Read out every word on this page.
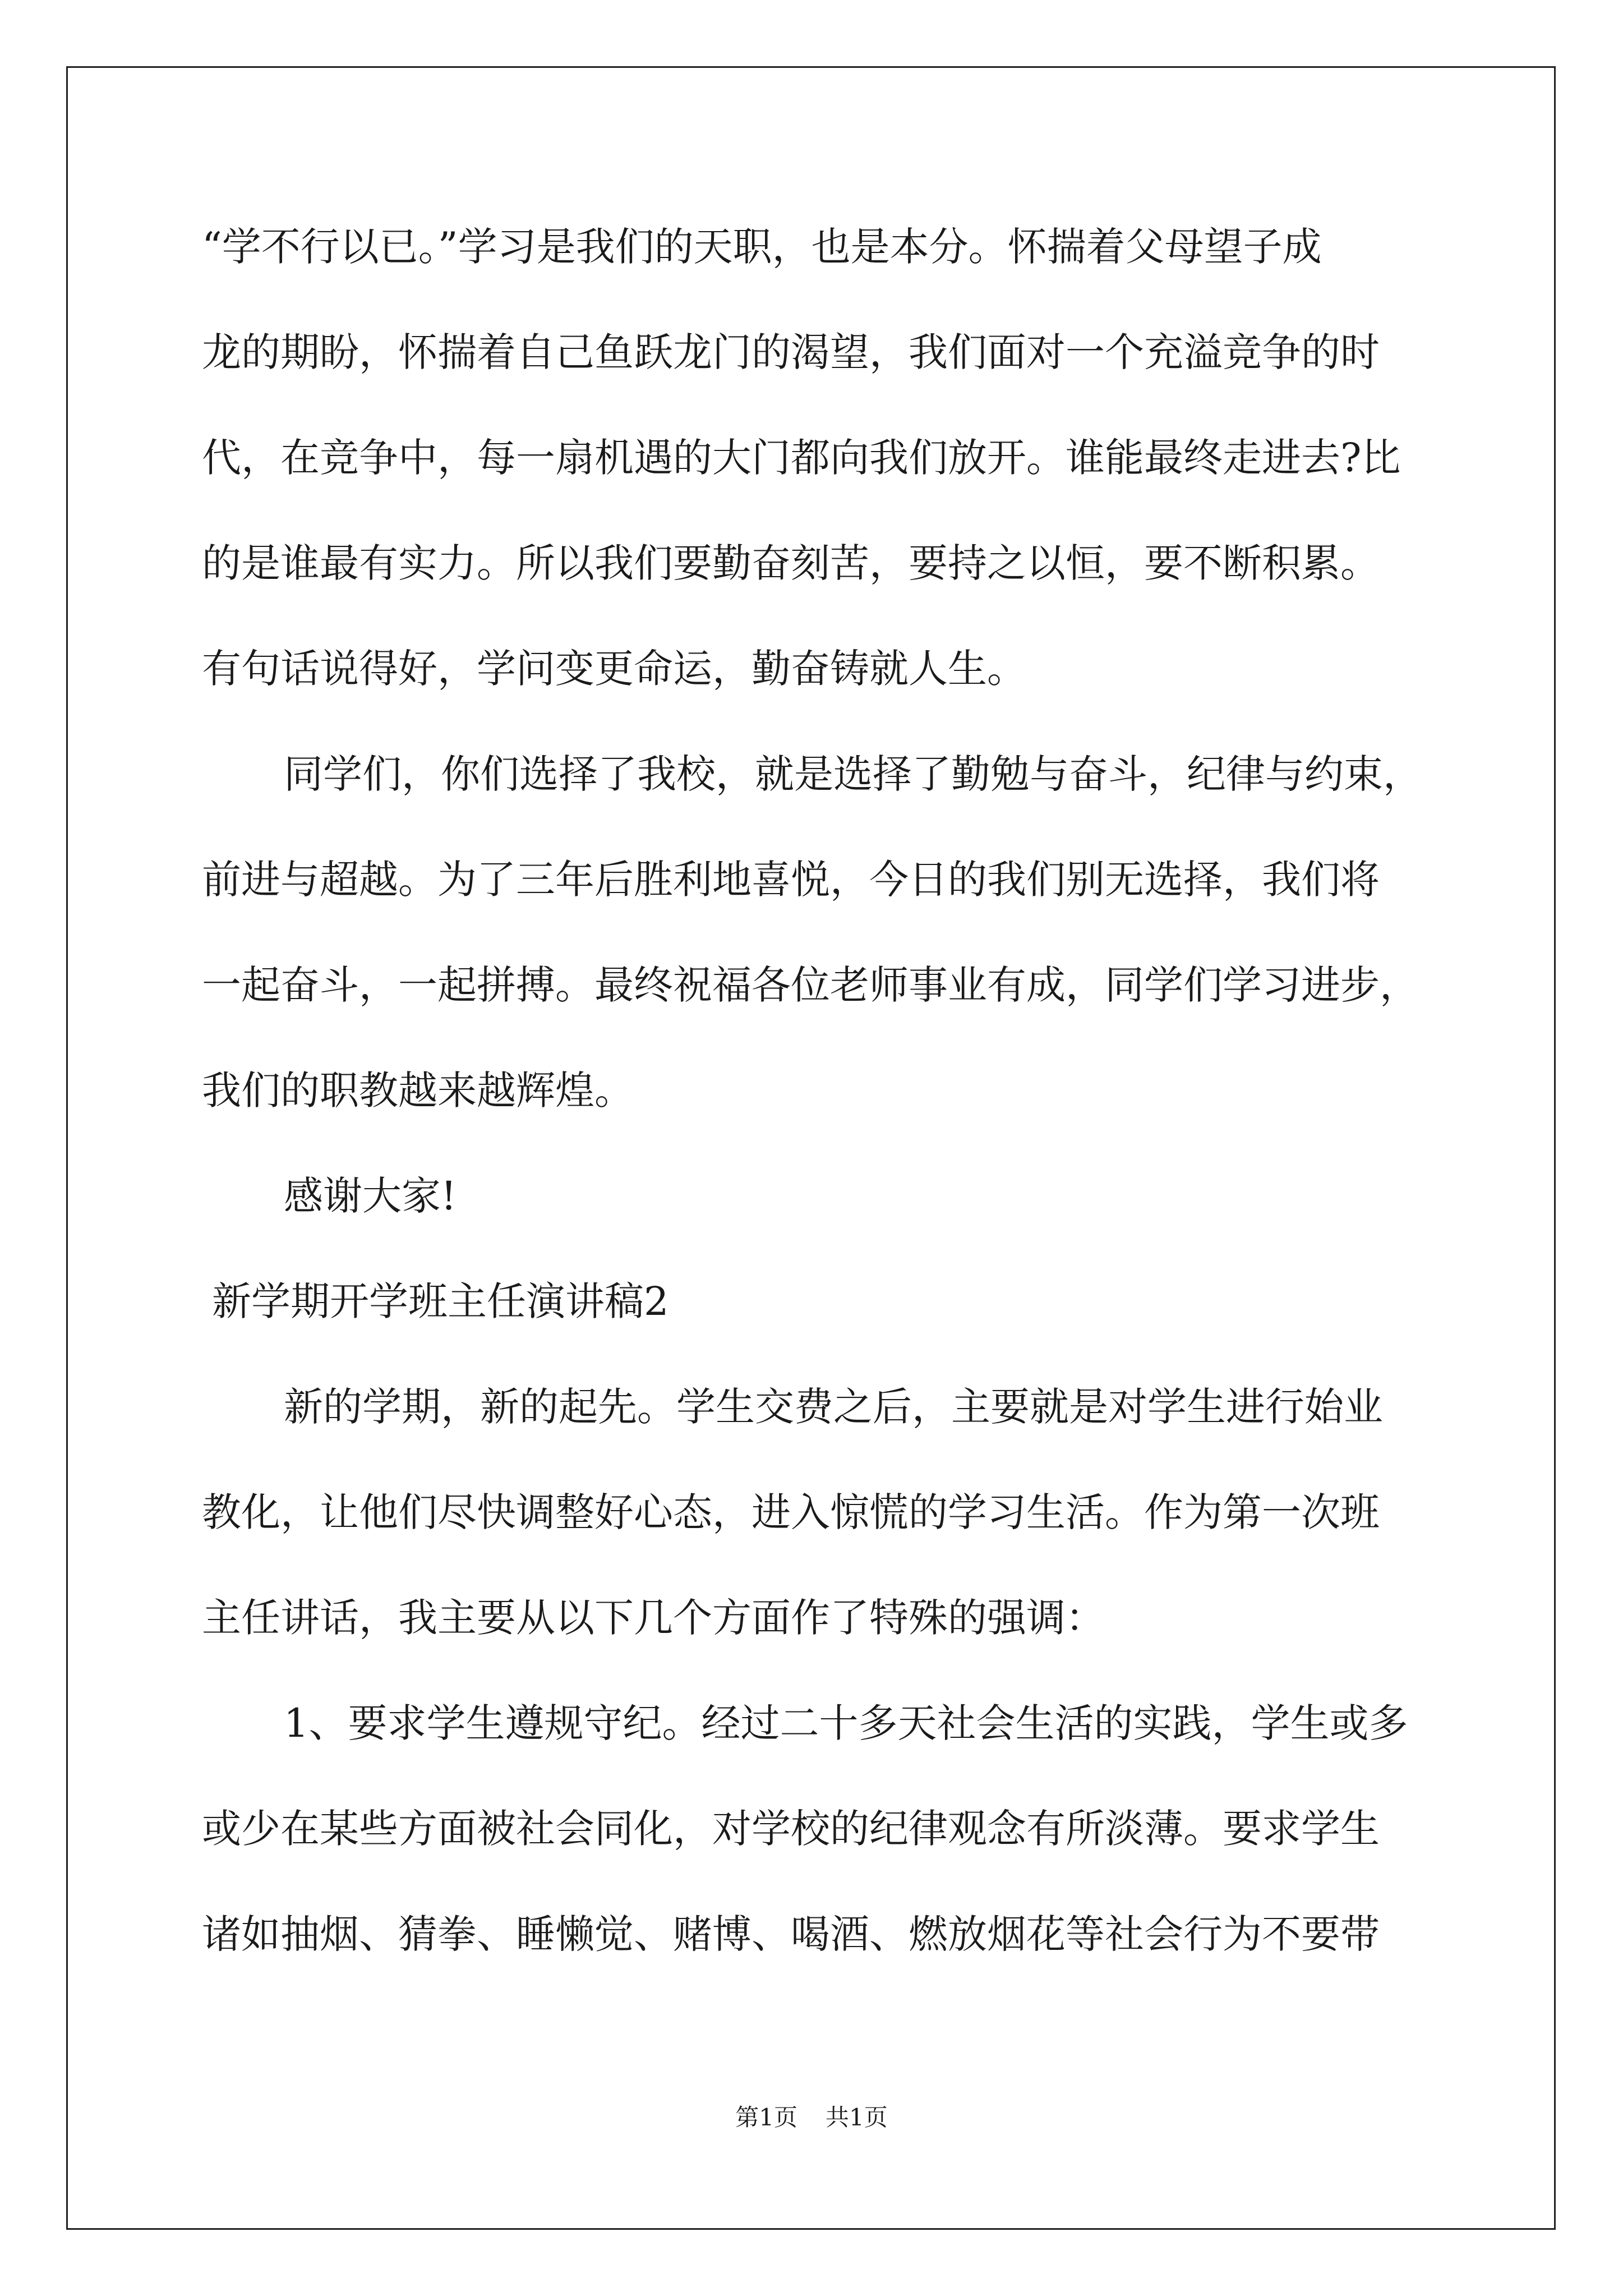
“学不行以已。”学习是我们的天职，也是本分。怀揣着父母望子成
龙的期盼，怀揣着自己鱼跃龙门的渴望，我们面对一个充溢竞争的时
代，在竞争中，每一扇机遇的大门都向我们放开。谁能最终走进去?比
的是谁最有实力。所以我们要勤奋刻苦，要持之以恒，要不断积累。
有句话说得好，学问变更命运，勤奋铸就人生。
同学们，你们选择了我校，就是选择了勤勉与奋斗，纪律与约束，
前进与超越。为了三年后胜利地喜悦，今日的我们别无选择，我们将
一起奋斗，一起拼搏。最终祝福各位老师事业有成，同学们学习进步，
我们的职教越来越辉煌。
感谢大家!
新学期开学班主任演讲稿2
新的学期，新的起先。学生交费之后，主要就是对学生进行始业
教化，让他们尽快调整好心态，进入惊慌的学习生活。作为第一次班
主任讲话，我主要从以下几个方面作了特殊的强调：
1、要求学生遵规守纪。经过二十多天社会生活的实践，学生或多
或少在某些方面被社会同化，对学校的纪律观念有所淡薄。要求学生
诸如抽烟、猜拳、睡懒觉、赌博、喝酒、燃放烟花等社会行为不要带
第1页 共1页
